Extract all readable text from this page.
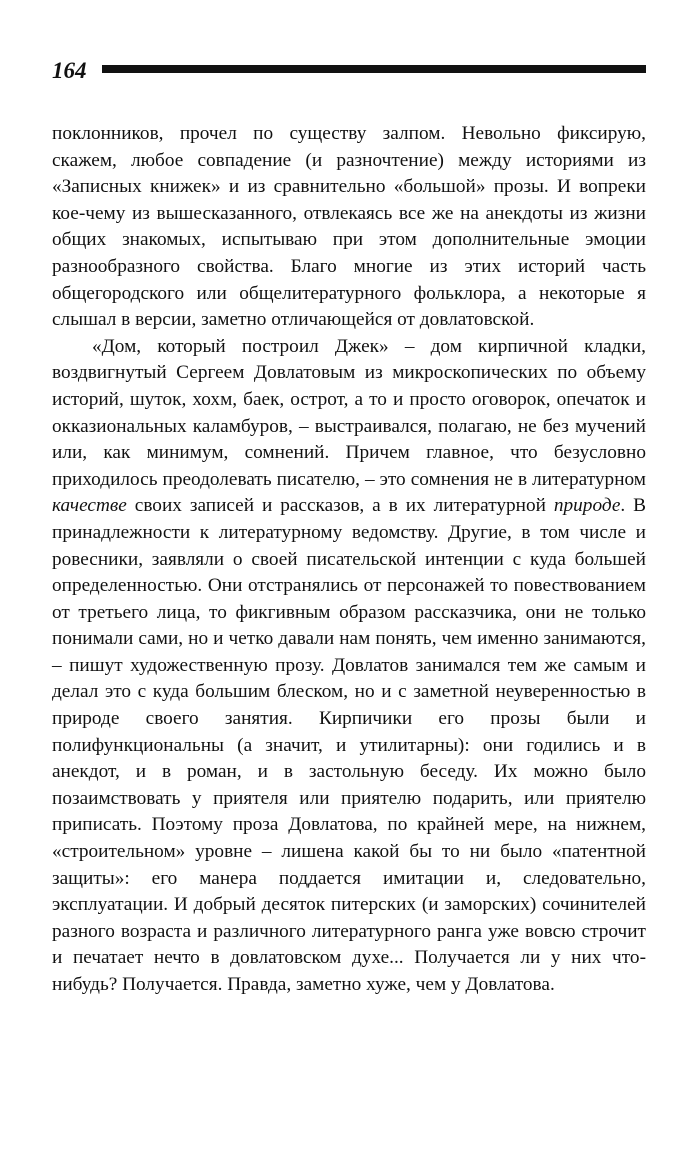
164

поклонников, прочел по существу залпом. Невольно фиксирую, скажем, любое совпадение (и разночтение) между историями из «Записных книжек» и из сравнительно «большой» прозы. И вопреки кое-чему из вышесказанного, отвлекаясь все же на анекдоты из жизни общих знакомых, испытываю при этом дополнительные эмоции разнообразного свойства. Благо многие из этих историй часть общегородского или общелитературного фольклора, а некоторые я слышал в версии, заметно отличающейся от довлатовской.

«Дом, который построил Джек» – дом кирпичной кладки, воздвигнутый Сергеем Довлатовым из микроскопических по объему историй, шуток, хохм, баек, острот, а то и просто оговорок, опечаток и окказиональных каламбуров, – выстраивался, полагаю, не без мучений или, как минимум, сомнений. Причем главное, что безусловно приходилось преодолевать писателю, – это сомнения не в литературном качестве своих записей и рассказов, а в их литературной природе. В принадлежности к литературному ведомству. Другие, в том числе и ровесники, заявляли о своей писательской интенции с куда большей определенностью. Они отстранялись от персонажей то повествованием от третьего лица, то фикгивным образом рассказчика, они не только понимали сами, но и четко давали нам понять, чем именно занимаются, – пишут художественную прозу. Довлатов занимался тем же самым и делал это с куда большим блеском, но и с заметной неуверенностью в природе своего занятия. Кирпичики его прозы были и полифункциональны (а значит, и утилитарны): они годились и в анекдот, и в роман, и в застольную беседу. Их можно было позаимствовать у приятеля или приятелю подарить, или приятелю приписать. Поэтому проза Довлатова, по крайней мере, на нижнем, «строительном» уровне – лишена какой бы то ни было «патентной защиты»: его манера поддается имитации и, следовательно, эксплуатации. И добрый десяток питерских (и заморских) сочинителей разного возраста и различного литературного ранга уже вовсю строчит и печатает нечто в довлатовском духе... Получается ли у них что-нибудь? Получается. Правда, заметно хуже, чем у Довлатова.
